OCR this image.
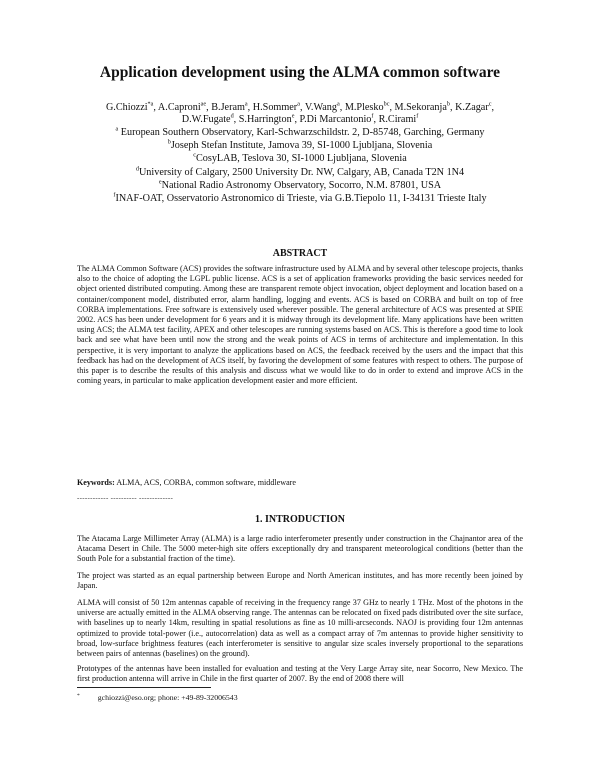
Application development using the ALMA common software
G.Chiozzi$^{*a}$, A.Caproni$^{ae}$, B.Jeram$^a$, H.Sommer$^a$, V.Wang$^a$, M.Plesko$^{bc}$, M.Sekoranja$^b$, K.Zagar$^c$,
D.W.Fugate$^d$, S.Harrington$^e$, P.Di Marcantonio$^f$, R.Cirami$^f$
$^a$ European Southern Observatory, Karl-Schwarzschildstr. 2, D-85748, Garching, Germany
$^b$Joseph Stefan Institute, Jamova 39, SI-1000 Ljubljana, Slovenia
$^c$CosyLAB, Teslova 30, SI-1000 Ljubljana, Slovenia
$^d$University of Calgary, 2500 University Dr. NW, Calgary, AB, Canada T2N 1N4
$^e$National Radio Astronomy Observatory, Socorro, N.M. 87801, USA
$^f$INAF-OAT, Osservatorio Astronomico di Trieste, via G.B.Tiepolo 11, I-34131 Trieste Italy
ABSTRACT
The ALMA Common Software (ACS) provides the software infrastructure used by ALMA and by several other telescope projects, thanks also to the choice of adopting the LGPL public license. ACS is a set of application frameworks providing the basic services needed for object oriented distributed computing. Among these are transparent remote object invocation, object deployment and location based on a container/component model, distributed error, alarm handling, logging and events. ACS is based on CORBA and built on top of free CORBA implementations. Free software is extensively used wherever possible. The general architecture of ACS was presented at SPIE 2002. ACS has been under development for 6 years and it is midway through its development life. Many applications have been written using ACS; the ALMA test facility, APEX and other telescopes are running systems based on ACS. This is therefore a good time to look back and see what have been until now the strong and the weak points of ACS in terms of architecture and implementation. In this perspective, it is very important to analyze the applications based on ACS, the feedback received by the users and the impact that this feedback has had on the development of ACS itself, by favoring the development of some features with respect to others. The purpose of this paper is to describe the results of this analysis and discuss what we would like to do in order to extend and improve ACS in the coming years, in particular to make application development easier and more efficient.
Keywords: ALMA, ACS, CORBA, common software, middleware
------------ ---------- -------------
1. INTRODUCTION
The Atacama Large Millimeter Array (ALMA) is a large radio interferometer presently under construction in the Chajnantor area of the Atacama Desert in Chile. The 5000 meter-high site offers exceptionally dry and transparent meteorological conditions (better than the South Pole for a substantial fraction of the time).
The project was started as an equal partnership between Europe and North American institutes, and has more recently been joined by Japan.
ALMA will consist of 50 12m antennas capable of receiving in the frequency range 37 GHz to nearly 1 THz. Most of the photons in the universe are actually emitted in the ALMA observing range. The antennas can be relocated on fixed pads distributed over the site surface, with baselines up to nearly 14km, resulting in spatial resolutions as fine as 10 milli-arcseconds. NAOJ is providing four 12m antennas optimized to provide total-power (i.e., autocorrelation) data as well as a compact array of 7m antennas to provide higher sensitivity to broad, low-surface brightness features (each interferometer is sensitive to angular size scales inversely proportional to the separations between pairs of antennas (baselines) on the ground).
Prototypes of the antennas have been installed for evaluation and testing at the Very Large Array site, near Socorro, New Mexico. The first production antenna will arrive in Chile in the first quarter of 2007. By the end of 2008 there will
* gchiozzi@eso.org; phone: +49-89-32006543
